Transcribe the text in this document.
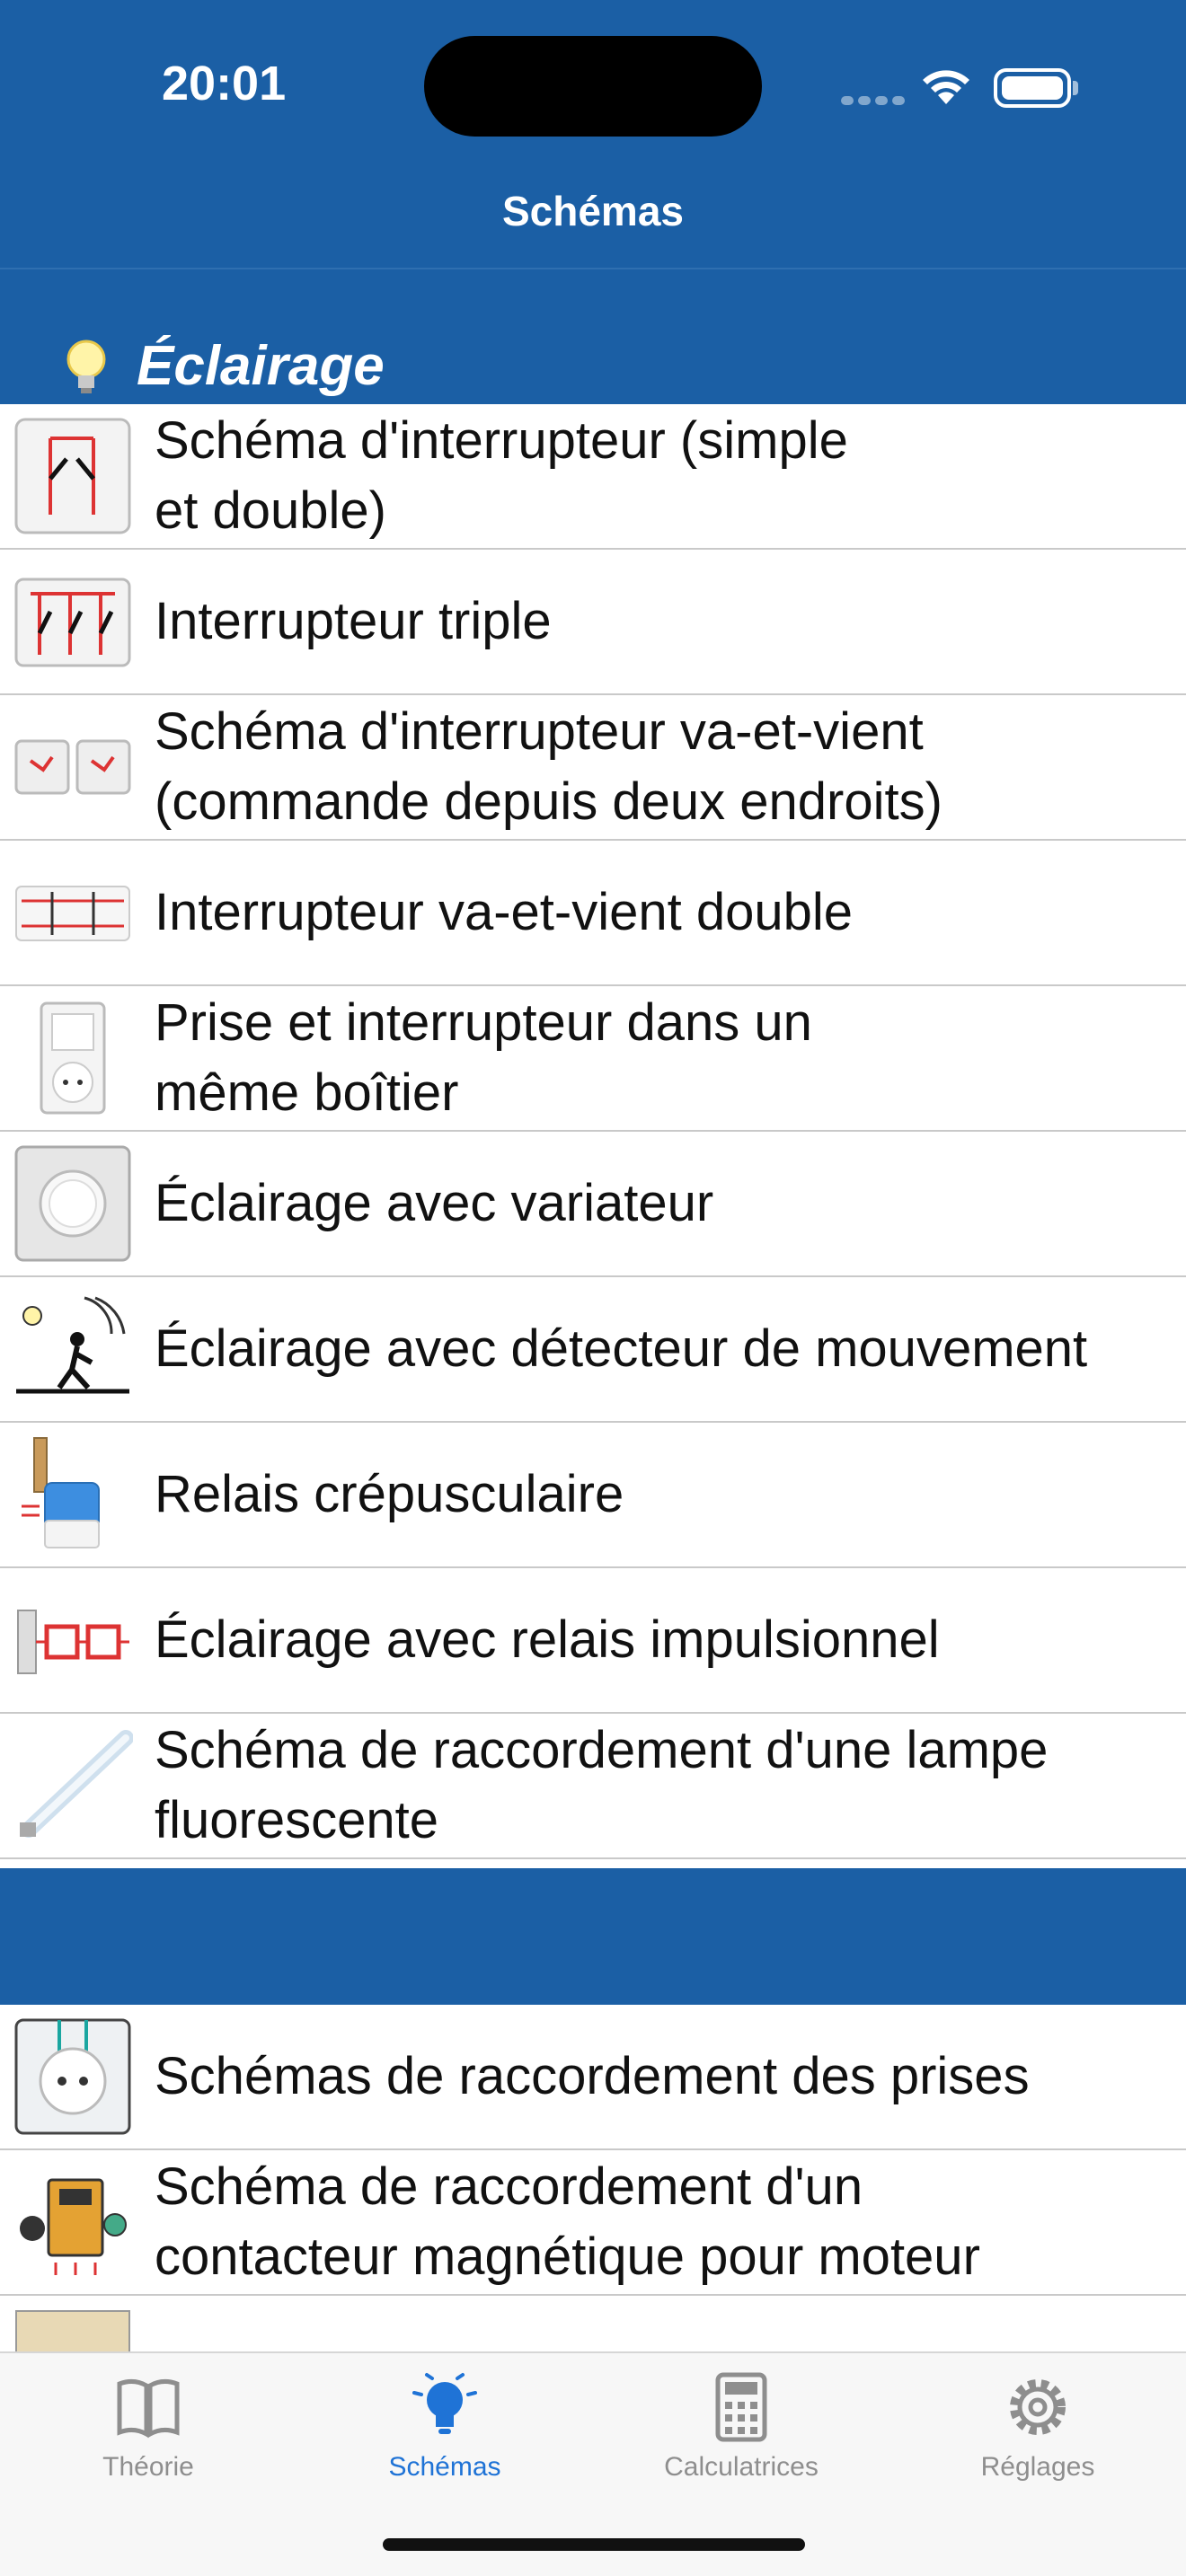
20:01
Schémas
Éclairage
Schéma d'interrupteur (simple
et double)
Interrupteur triple
Schéma d'interrupteur va-et-vient
(commande depuis deux endroits)
Interrupteur va-et-vient double
Prise et interrupteur dans un
même boîtier
Éclairage avec variateur
Éclairage avec détecteur de mouvement
Relais crépusculaire
Éclairage avec relais impulsionnel
Schéma de raccordement d'une lampe
fluorescente
Schémas de raccordement des prises
Schéma de raccordement d'un
contacteur magnétique pour moteur
Théorie	Schémas	Calculatrices	Réglages
